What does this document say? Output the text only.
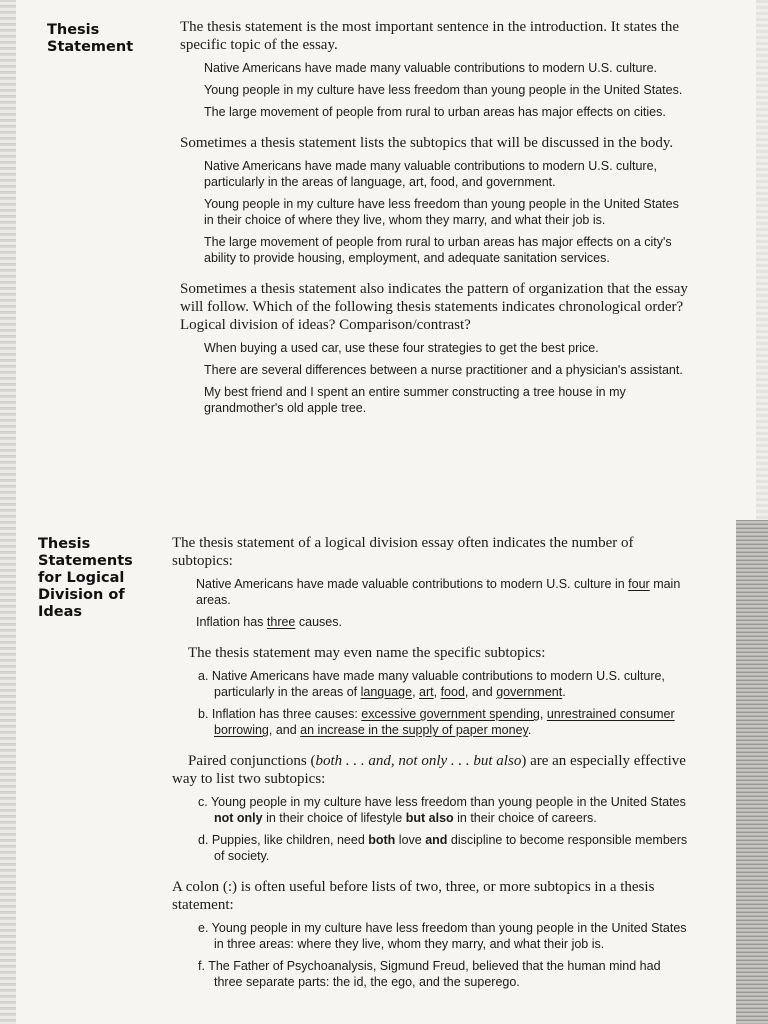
Thesis Statement

The thesis statement is the most important sentence in the introduction. It states the specific topic of the essay.

Native Americans have made many valuable contributions to modern U.S. culture.
Young people in my culture have less freedom than young people in the United States.
The large movement of people from rural to urban areas has major effects on cities.

Sometimes a thesis statement lists the subtopics that will be discussed in the body.

Native Americans have made many valuable contributions to modern U.S. culture, particularly in the areas of language, art, food, and government.
Young people in my culture have less freedom than young people in the United States in their choice of where they live, whom they marry, and what their job is.
The large movement of people from rural to urban areas has major effects on a city's ability to provide housing, employment, and adequate sanitation services.

Sometimes a thesis statement also indicates the pattern of organization that the essay will follow. Which of the following thesis statements indicates chronological order? Logical division of ideas? Comparison/contrast?

When buying a used car, use these four strategies to get the best price.
There are several differences between a nurse practitioner and a physician's assistant.
My best friend and I spent an entire summer constructing a tree house in my grandmother's old apple tree.
Thesis Statements for Logical Division of Ideas

The thesis statement of a logical division essay often indicates the number of subtopics:

Native Americans have made valuable contributions to modern U.S. culture in four main areas.
Inflation has three causes.

The thesis statement may even name the specific subtopics:

a. Native Americans have made many valuable contributions to modern U.S. culture, particularly in the areas of language, art, food, and government.
b. Inflation has three causes: excessive government spending, unrestrained consumer borrowing, and an increase in the supply of paper money.

Paired conjunctions (both . . . and, not only . . . but also) are an especially effective way to list two subtopics:

c. Young people in my culture have less freedom than young people in the United States not only in their choice of lifestyle but also in their choice of careers.
d. Puppies, like children, need both love and discipline to become responsible members of society.

A colon (:) is often useful before lists of two, three, or more subtopics in a thesis statement:

e. Young people in my culture have less freedom than young people in the United States in three areas: where they live, whom they marry, and what their job is.
f. The Father of Psychoanalysis, Sigmund Freud, believed that the human mind had three separate parts: the id, the ego, and the superego.
